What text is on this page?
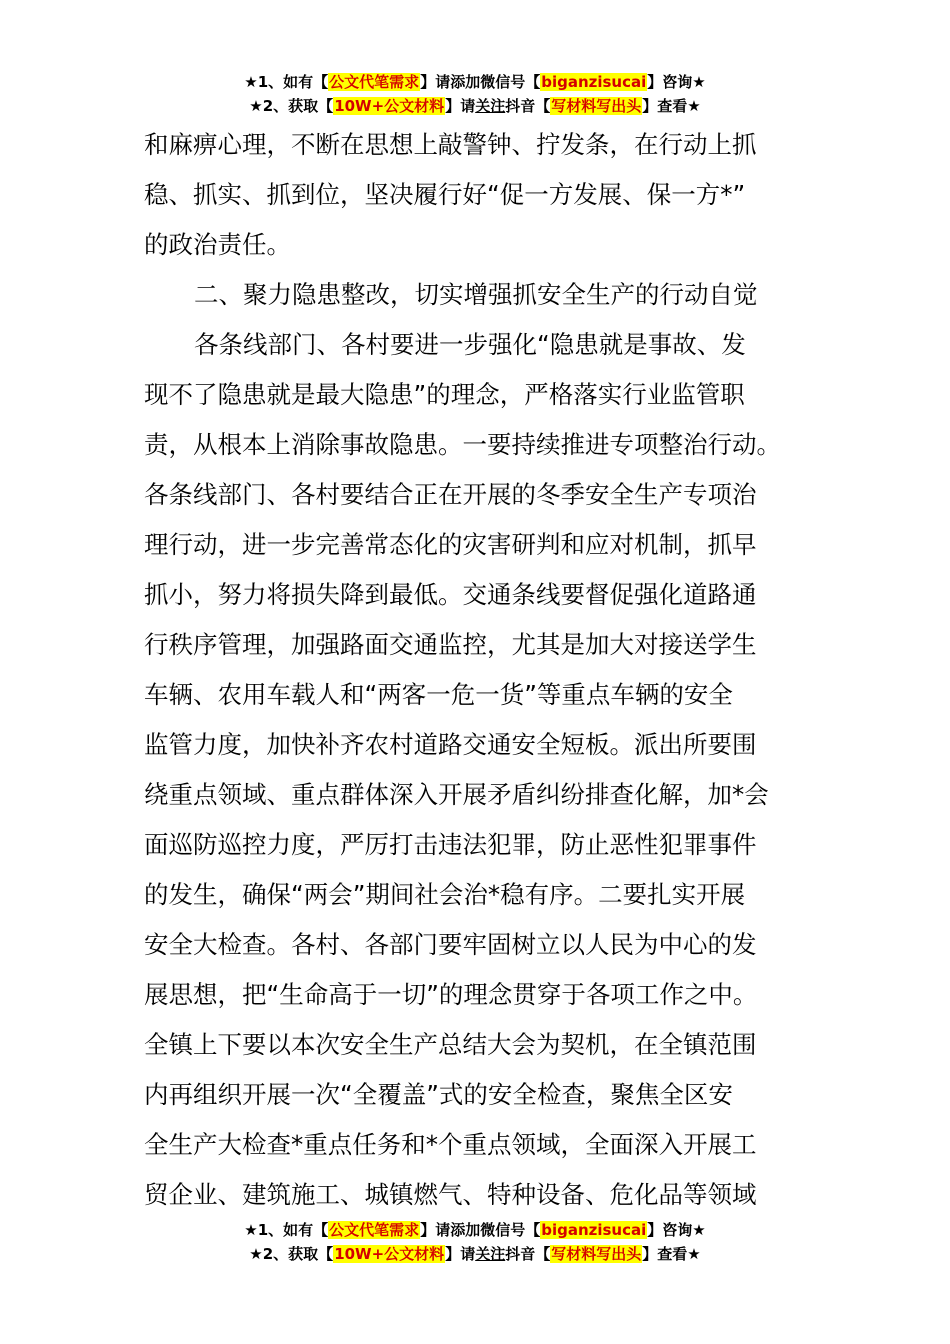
★1、如有【公文代笔需求】请添加微信号【biganzisucai】咨询★
★2、获取【10W+公文材料】请关注抖音【写材料写出头】查看★
和麻痹心理，不断在思想上敲警钟、拧发条，在行动上抓
稳、抓实、抓到位，坚决履行好“促一方发展、保一方*”
的政治责任。
二、聚力隐患整改，切实增强抓安全生产的行动自觉
各条线部门、各村要进一步强化“隐患就是事故、发
现不了隐患就是最大隐患”的理念，严格落实行业监管职
责，从根本上消除事故隐患。一要持续推进专项整治行动。
各条线部门、各村要结合正在开展的冬季安全生产专项治
理行动，进一步完善常态化的灾害研判和应对机制，抓早
抓小，努力将损失降到最低。交通条线要督促强化道路通
行秩序管理，加强路面交通监控，尤其是加大对接送学生
车辆、农用车载人和“两客一危一货”等重点车辆的安全
监管力度，加快补齐农村道路交通安全短板。派出所要围
绕重点领域、重点群体深入开展矛盾纠纷排查化解，加*会
面巡防巡控力度，严厉打击违法犯罪，防止恶性犯罪事件
的发生，确保“两会”期间社会治*稳有序。二要扎实开展
安全大检查。各村、各部门要牢固树立以人民为中心的发
展思想，把“生命高于一切”的理念贯穿于各项工作之中。
全镇上下要以本次安全生产总结大会为契机，在全镇范围
内再组织开展一次“全覆盖”式的安全检查，聚焦全区安
全生产大检查*重点任务和*个重点领域，全面深入开展工
贸企业、建筑施工、城镇燃气、特种设备、危化品等领域
★1、如有【公文代笔需求】请添加微信号【biganzisucai】咨询★
★2、获取【10W+公文材料】请关注抖音【写材料写出头】查看★
